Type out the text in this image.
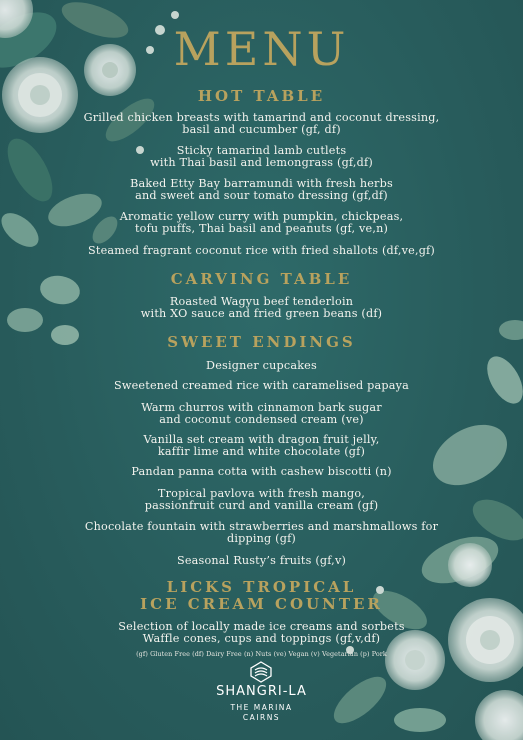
MENU
HOT TABLE
Grilled chicken breasts with tamarind and coconut dressing,
basil and cucumber (gf, df)
Sticky tamarind lamb cutlets
with Thai basil and lemongrass (gf,df)
Baked Etty Bay barramundi with fresh herbs
and sweet and sour tomato dressing (gf,df)
Aromatic yellow curry with pumpkin, chickpeas,
tofu puffs, Thai basil and peanuts (gf, ve,n)
Steamed fragrant coconut rice with fried shallots (df,ve,gf)
CARVING TABLE
Roasted Wagyu beef tenderloin
with XO sauce and fried green beans (df)
SWEET ENDINGS
Designer cupcakes
Sweetened creamed rice with caramelised papaya
Warm churros with cinnamon bark sugar
and coconut condensed cream (ve)
Vanilla set cream with dragon fruit jelly,
kaffir lime and white chocolate (gf)
Pandan panna cotta with cashew biscotti (n)
Tropical pavlova with fresh mango,
passionfruit curd and vanilla cream (gf)
Chocolate fountain with strawberries and marshmallows for
dipping (gf)
Seasonal Rusty’s fruits (gf,v)
LICKS TROPICAL
ICE CREAM COUNTER
Selection of locally made ice creams and sorbets
Waffle cones, cups and toppings (gf,v,df)
(gf) Gluten Free (df) Dairy Free (n) Nuts (ve) Vegan (v) Vegetarian (p) Pork
SHANGRI-LA
THE MARINA
CAIRNS
